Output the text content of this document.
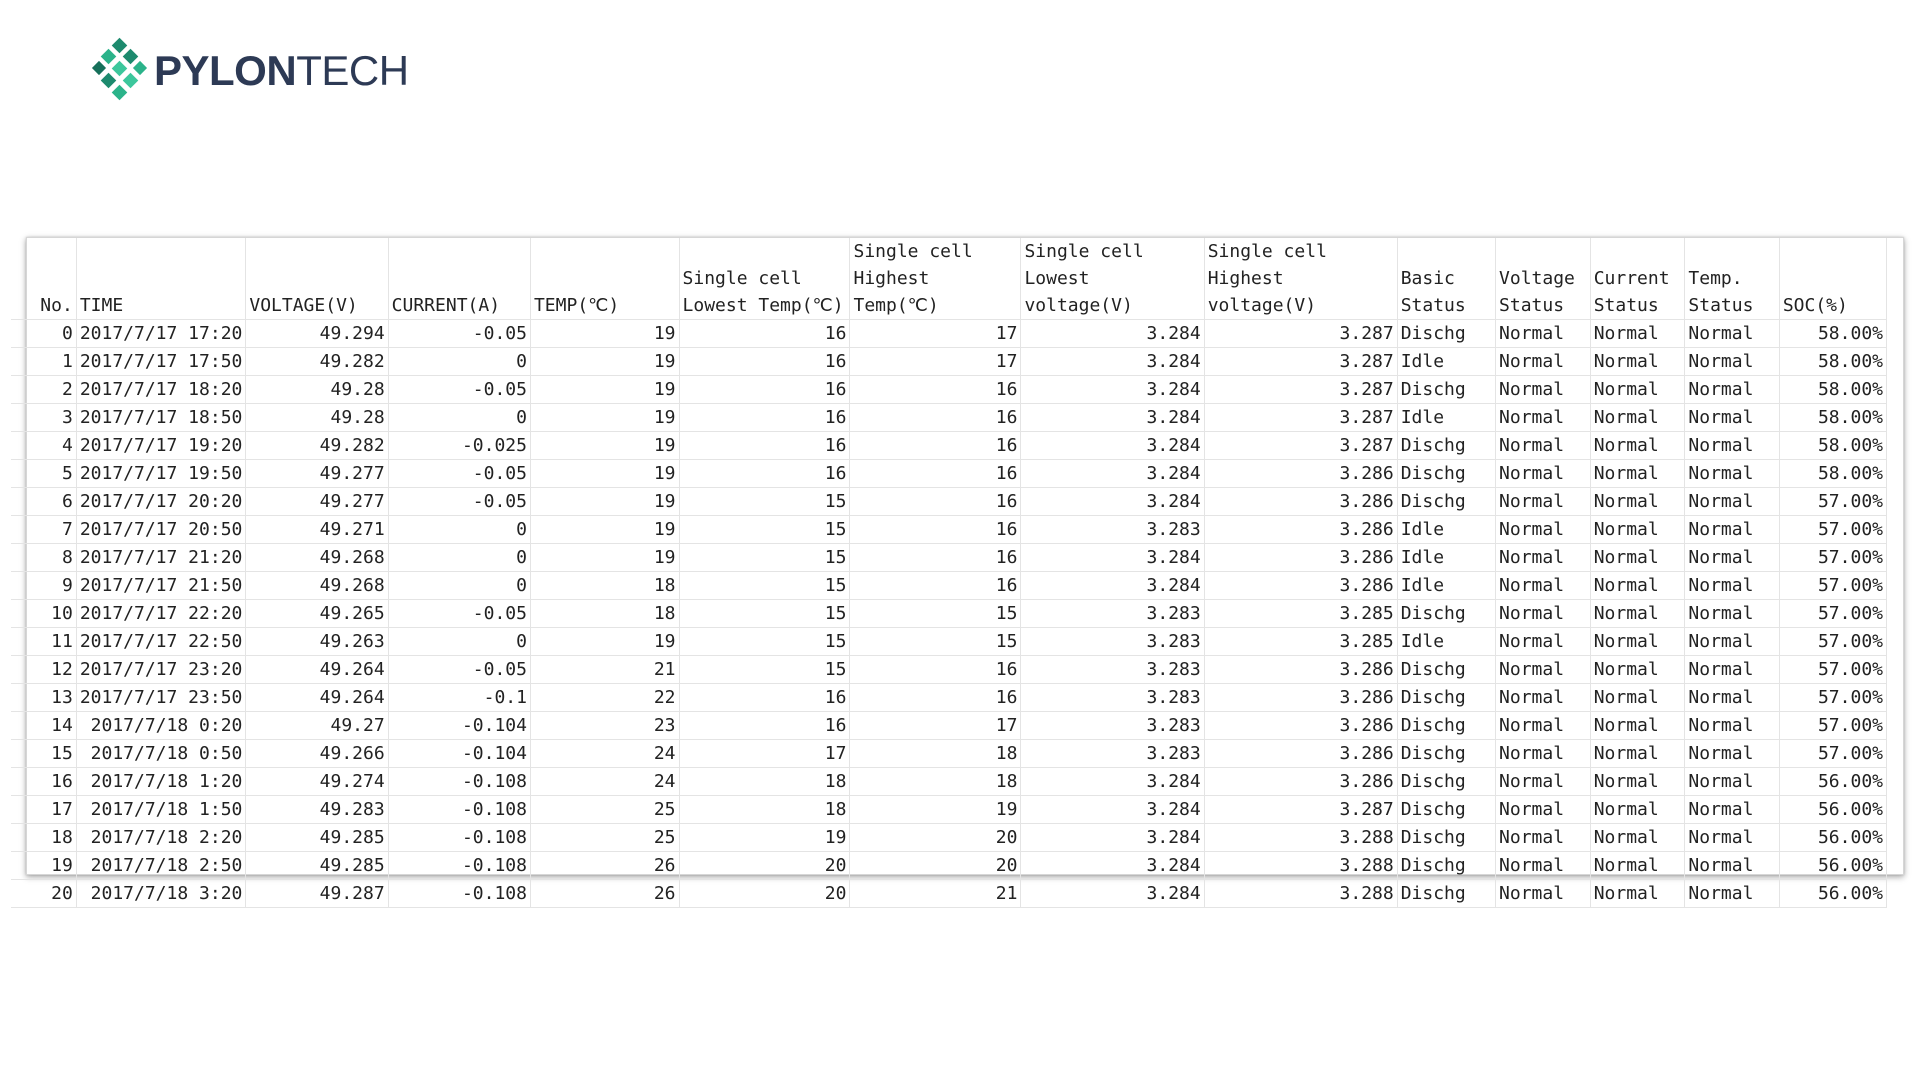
PYLONTECH
No.	TIME	VOLTAGE(V)	CURRENT(A)	TEMP(℃)	Single cell Lowest Temp(℃)	Single cell Highest Temp(℃)	Single cell Lowest voltage(V)	Single cell Highest voltage(V)	Basic Status	Voltage Status	Current Status	Temp. Status	SOC(%)
0	2017/7/17 17:20	49.294	-0.05	19	16	17	3.284	3.287	Dischg	Normal	Normal	Normal	58.00%
1	2017/7/17 17:50	49.282	0	19	16	17	3.284	3.287	Idle	Normal	Normal	Normal	58.00%
2	2017/7/17 18:20	49.28	-0.05	19	16	16	3.284	3.287	Dischg	Normal	Normal	Normal	58.00%
3	2017/7/17 18:50	49.28	0	19	16	16	3.284	3.287	Idle	Normal	Normal	Normal	58.00%
4	2017/7/17 19:20	49.282	-0.025	19	16	16	3.284	3.287	Dischg	Normal	Normal	Normal	58.00%
5	2017/7/17 19:50	49.277	-0.05	19	16	16	3.284	3.286	Dischg	Normal	Normal	Normal	58.00%
6	2017/7/17 20:20	49.277	-0.05	19	15	16	3.284	3.286	Dischg	Normal	Normal	Normal	57.00%
7	2017/7/17 20:50	49.271	0	19	15	16	3.283	3.286	Idle	Normal	Normal	Normal	57.00%
8	2017/7/17 21:20	49.268	0	19	15	16	3.284	3.286	Idle	Normal	Normal	Normal	57.00%
9	2017/7/17 21:50	49.268	0	18	15	16	3.284	3.286	Idle	Normal	Normal	Normal	57.00%
10	2017/7/17 22:20	49.265	-0.05	18	15	15	3.283	3.285	Dischg	Normal	Normal	Normal	57.00%
11	2017/7/17 22:50	49.263	0	19	15	15	3.283	3.285	Idle	Normal	Normal	Normal	57.00%
12	2017/7/17 23:20	49.264	-0.05	21	15	16	3.283	3.286	Dischg	Normal	Normal	Normal	57.00%
13	2017/7/17 23:50	49.264	-0.1	22	16	16	3.283	3.286	Dischg	Normal	Normal	Normal	57.00%
14	2017/7/18 0:20	49.27	-0.104	23	16	17	3.283	3.286	Dischg	Normal	Normal	Normal	57.00%
15	2017/7/18 0:50	49.266	-0.104	24	17	18	3.283	3.286	Dischg	Normal	Normal	Normal	57.00%
16	2017/7/18 1:20	49.274	-0.108	24	18	18	3.284	3.286	Dischg	Normal	Normal	Normal	56.00%
17	2017/7/18 1:50	49.283	-0.108	25	18	19	3.284	3.287	Dischg	Normal	Normal	Normal	56.00%
18	2017/7/18 2:20	49.285	-0.108	25	19	20	3.284	3.288	Dischg	Normal	Normal	Normal	56.00%
19	2017/7/18 2:50	49.285	-0.108	26	20	20	3.284	3.288	Dischg	Normal	Normal	Normal	56.00%
20	2017/7/18 3:20	49.287	-0.108	26	20	21	3.284	3.288	Dischg	Normal	Normal	Normal	56.00%
